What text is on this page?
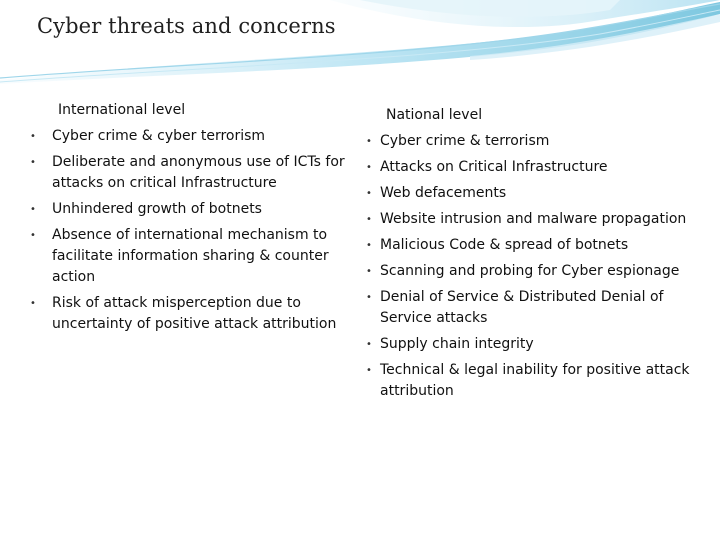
Cyber threats and concerns
International level
• Cyber crime & cyber terrorism
• Deliberate and anonymous use of ICTs for attacks on critical Infrastructure
• Unhindered growth of botnets
• Absence of international mechanism to facilitate information sharing & counter action
• Risk of attack misperception due to uncertainty of positive attack attribution
National level
• Cyber crime & terrorism
• Attacks on Critical Infrastructure
• Web defacements
• Website intrusion and malware propagation
• Malicious Code & spread of botnets
• Scanning and probing for Cyber espionage
• Denial of Service & Distributed Denial of Service attacks
• Supply chain integrity
• Technical & legal inability for positive attack attribution
